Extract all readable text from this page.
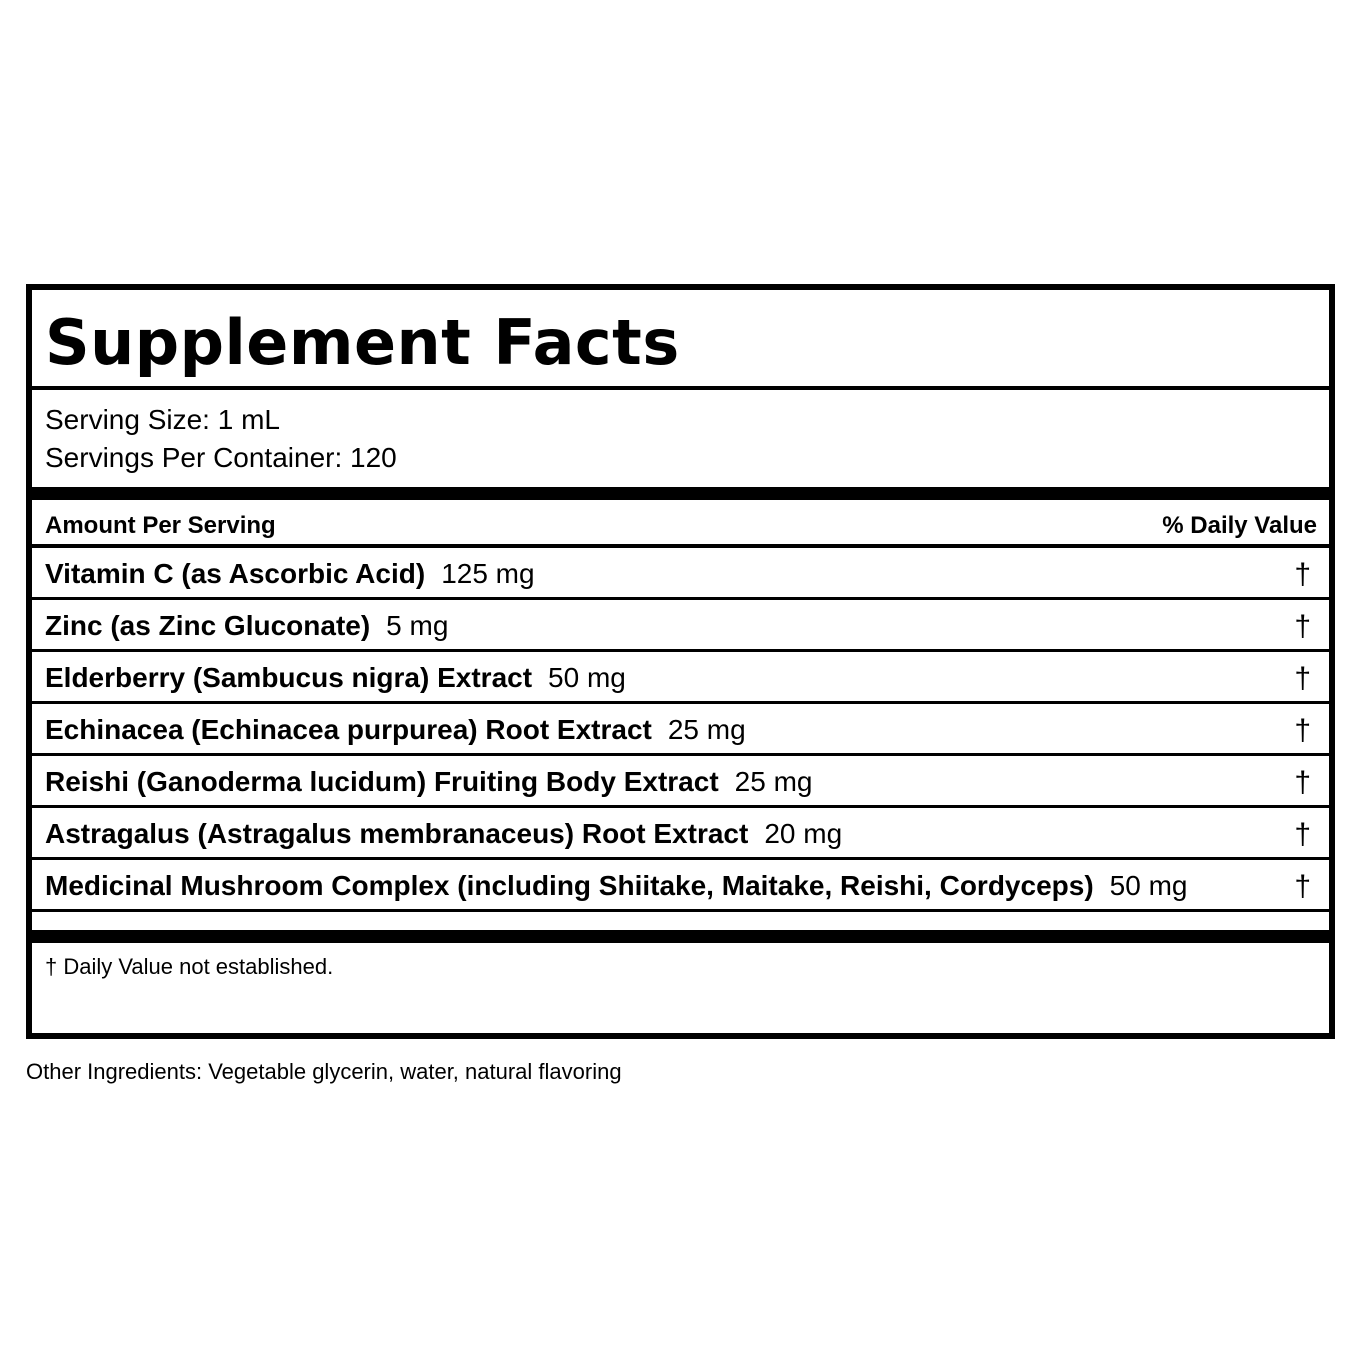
Supplement Facts
Serving Size: 1 mL
Servings Per Container: 120
Amount Per Serving	% Daily Value
Vitamin C (as Ascorbic Acid) 125 mg	†
Zinc (as Zinc Gluconate) 5 mg	†
Elderberry (Sambucus nigra) Extract 50 mg	†
Echinacea (Echinacea purpurea) Root Extract 25 mg	†
Reishi (Ganoderma lucidum) Fruiting Body Extract 25 mg	†
Astragalus (Astragalus membranaceus) Root Extract 20 mg	†
Medicinal Mushroom Complex (including Shiitake, Maitake, Reishi, Cordyceps) 50 mg	†
† Daily Value not established.
Other Ingredients: Vegetable glycerin, water, natural flavoring
